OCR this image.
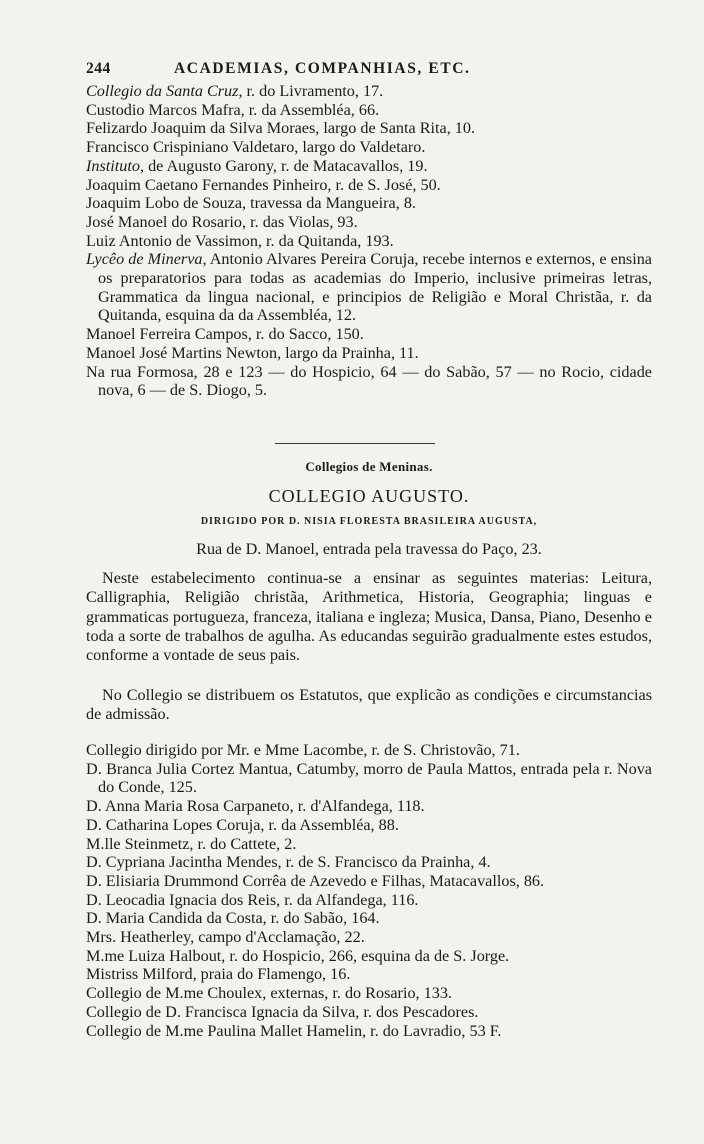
244	ACADEMIAS, COMPANHIAS, ETC.
Collegio da Santa Cruz, r. do Livramento, 17.
Custodio Marcos Mafra, r. da Assembléa, 66.
Felizardo Joaquim da Silva Moraes, largo de Santa Rita, 10.
Francisco Crispiniano Valdetaro, largo do Valdetaro.
Instituto, de Augusto Garony, r. de Matacavallos, 19.
Joaquim Caetano Fernandes Pinheiro, r. de S. José, 50.
Joaquim Lobo de Souza, travessa da Mangueira, 8.
José Manoel do Rosario, r. das Violas, 93.
Luiz Antonio de Vassimon, r. da Quitanda, 193.
Lycêo de Minerva, Antonio Alvares Pereira Coruja, recebe internos e externos, e ensina os preparatorios para todas as academias do Imperio, inclusive primeiras letras, Grammatica da lingua nacional, e principios de Religião e Moral Christãa, r. da Quitanda, esquina da da Assembléa, 12.
Manoel Ferreira Campos, r. do Sacco, 150.
Manoel José Martins Newton, largo da Prainha, 11.
Na rua Formosa, 28 e 123 — do Hospicio, 64 — do Sabão, 57 — no Rocio, cidade nova, 6 — de S. Diogo, 5.
Collegios de Meninas.
COLLEGIO AUGUSTO.
DIRIGIDO POR D. NISIA FLORESTA BRASILEIRA AUGUSTA,
Rua de D. Manoel, entrada pela travessa do Paço, 23.
Neste estabelecimento continua-se a ensinar as seguintes materias: Leitura, Calligraphia, Religião christãa, Arithmetica, Historia, Geographia; linguas e grammaticas portugueza, franceza, italiana e ingleza; Musica, Dansa, Piano, Desenho e toda a sorte de trabalhos de agulha. As educandas seguirão gradualmente estes estudos, conforme a vontade de seus pais.
No Collegio se distribuem os Estatutos, que explicão as condições e circumstancias de admissão.
Collegio dirigido por Mr. e Mme Lacombe, r. de S. Christovão, 71.
D. Branca Julia Cortez Mantua, Catumby, morro de Paula Mattos, entrada pela r. Nova do Conde, 125.
D. Anna Maria Rosa Carpaneto, r. d'Alfandega, 118.
D. Catharina Lopes Coruja, r. da Assembléa, 88.
M.lle Steinmetz, r. do Cattete, 2.
D. Cypriana Jacintha Mendes, r. de S. Francisco da Prainha, 4.
D. Elisiaria Drummond Corrêa de Azevedo e Filhas, Matacavallos, 86.
D. Leocadia Ignacia dos Reis, r. da Alfandega, 116.
D. Maria Candida da Costa, r. do Sabão, 164.
Mrs. Heatherley, campo d'Acclamação, 22.
M.me Luiza Halbout, r. do Hospicio, 266, esquina da de S. Jorge.
Mistriss Milford, praia do Flamengo, 16.
Collegio de M.me Choulex, externas, r. do Rosario, 133.
Collegio de D. Francisca Ignacia da Silva, r. dos Pescadores.
Collegio de M.me Paulina Mallet Hamelin, r. do Lavradio, 53 F.
